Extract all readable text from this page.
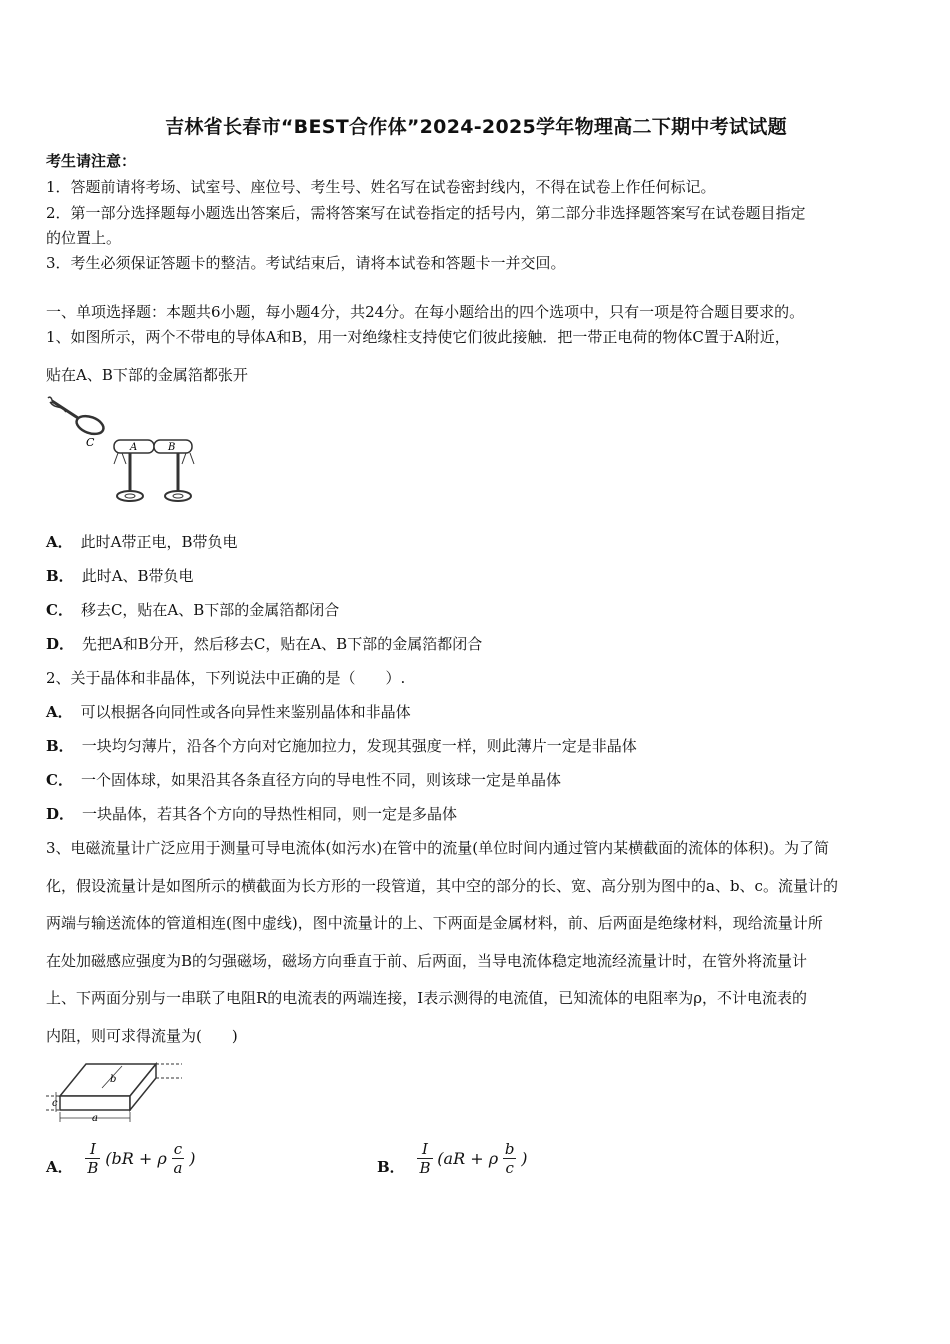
吉林省长春市“BEST合作体”2024-2025学年物理高二下期中考试试题
考生请注意：
1．答题前请将考场、试室号、座位号、考生号、姓名写在试卷密封线内，不得在试卷上作任何标记。
2．第一部分选择题每小题选出答案后，需将答案写在试卷指定的括号内，第二部分非选择题答案写在试卷题目指定
的位置上。
3．考生必须保证答题卡的整洁。考试结束后，请将本试卷和答题卡一并交回。
一、单项选择题：本题共6小题，每小题4分，共24分。在每小题给出的四个选项中，只有一项是符合题目要求的。
1、如图所示，两个不带电的导体A和B，用一对绝缘柱支持使它们彼此接触．把一带正电荷的物体C置于A附近，
贴在A、B下部的金属箔都张开
C	A	B
A． 此时A带正电，B带负电
B． 此时A、B带负电
C． 移去C，贴在A、B下部的金属箔都闭合
D． 先把A和B分开，然后移去C，贴在A、B下部的金属箔都闭合
2、关于晶体和非晶体，下列说法中正确的是（　　）.
A． 可以根据各向同性或各向异性来鉴别晶体和非晶体
B． 一块均匀薄片，沿各个方向对它施加拉力，发现其强度一样，则此薄片一定是非晶体
C． 一个固体球，如果沿其各条直径方向的导电性不同，则该球一定是单晶体
D． 一块晶体，若其各个方向的导热性相同，则一定是多晶体
3、电磁流量计广泛应用于测量可导电流体(如污水)在管中的流量(单位时间内通过管内某横截面的流体的体积)。为了简
化，假设流量计是如图所示的横截面为长方形的一段管道，其中空的部分的长、宽、高分别为图中的a、b、c。流量计的
两端与输送流体的管道相连(图中虚线)，图中流量计的上、下两面是金属材料，前、后两面是绝缘材料，现给流量计所
在处加磁感应强度为B的匀强磁场，磁场方向垂直于前、后两面，当导电流体稳定地流经流量计时，在管外将流量计
上、下两面分别与一串联了电阻R的电流表的两端连接，I表示测得的电流值，已知流体的电阻率为ρ，不计电流表的
内阻，则可求得流量为(　　)
b
c
a
A． $\frac{I}{B} (bR + \rho \frac{c}{a}$ )	B． $\frac{I}{B} (aR + \rho \frac{b}{c}$ )
